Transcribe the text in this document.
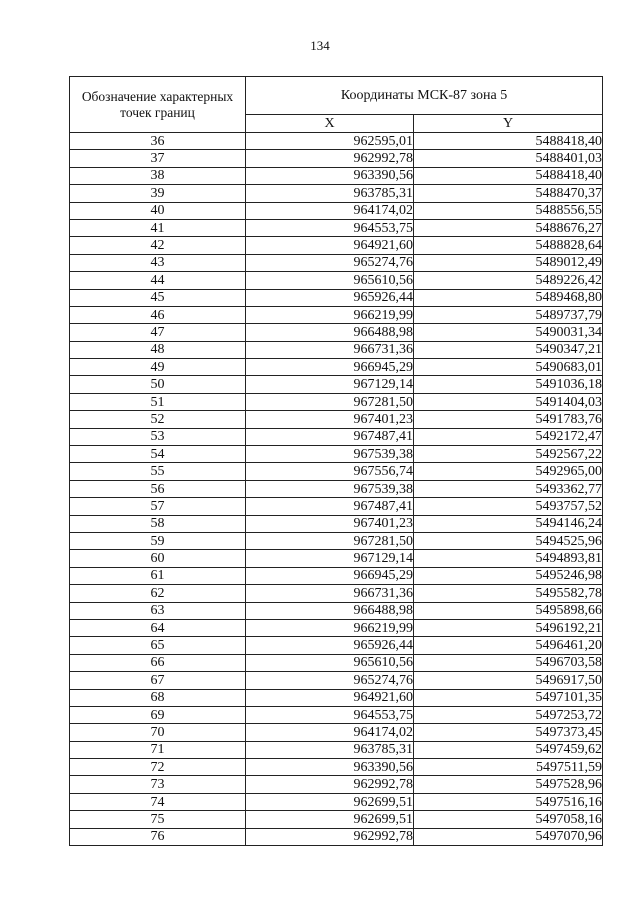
134
Обозначение характерных точек границ	Координаты МСК-87 зона 5	
	X	Y
36	962595,01	5488418,40
37	962992,78	5488401,03
38	963390,56	5488418,40
39	963785,31	5488470,37
40	964174,02	5488556,55
41	964553,75	5488676,27
42	964921,60	5488828,64
43	965274,76	5489012,49
44	965610,56	5489226,42
45	965926,44	5489468,80
46	966219,99	5489737,79
47	966488,98	5490031,34
48	966731,36	5490347,21
49	966945,29	5490683,01
50	967129,14	5491036,18
51	967281,50	5491404,03
52	967401,23	5491783,76
53	967487,41	5492172,47
54	967539,38	5492567,22
55	967556,74	5492965,00
56	967539,38	5493362,77
57	967487,41	5493757,52
58	967401,23	5494146,24
59	967281,50	5494525,96
60	967129,14	5494893,81
61	966945,29	5495246,98
62	966731,36	5495582,78
63	966488,98	5495898,66
64	966219,99	5496192,21
65	965926,44	5496461,20
66	965610,56	5496703,58
67	965274,76	5496917,50
68	964921,60	5497101,35
69	964553,75	5497253,72
70	964174,02	5497373,45
71	963785,31	5497459,62
72	963390,56	5497511,59
73	962992,78	5497528,96
74	962699,51	5497516,16
75	962699,51	5497058,16
76	962992,78	5497070,96
